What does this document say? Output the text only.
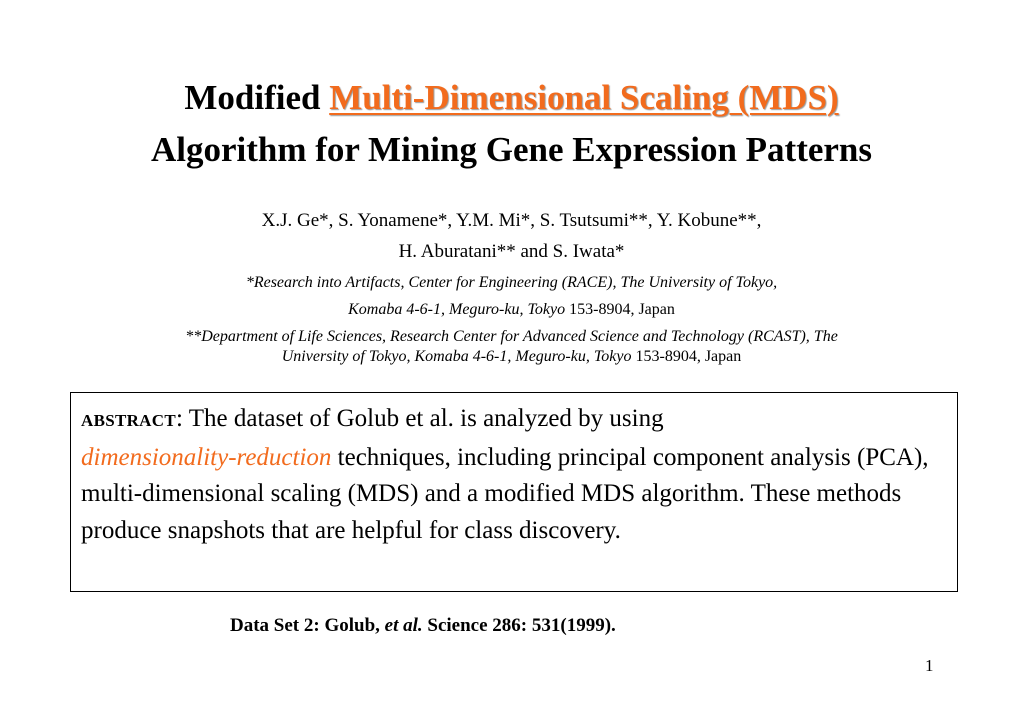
Modified Multi-Dimensional Scaling (MDS)
Algorithm for Mining Gene Expression Patterns
X.J. Ge*, S. Yonamene*, Y.M. Mi*, S. Tsutsumi**, Y. Kobune**,
H. Aburatani** and S. Iwata*
*Research into Artifacts, Center for Engineering (RACE), The University of Tokyo,
Komaba 4-6-1, Meguro-ku, Tokyo 153-8904, Japan
**Department of Life Sciences, Research Center for Advanced Science and Technology (RCAST), The
University of Tokyo, Komaba 4-6-1, Meguro-ku, Tokyo 153-8904, Japan
ABSTRACT: The dataset of Golub et al. is analyzed by using
dimensionality-reduction techniques, including principal component analysis (PCA), multi-dimensional scaling (MDS) and a modified MDS algorithm. These methods produce snapshots that are helpful for class discovery.
Data Set 2: Golub, et al. Science 286: 531(1999).
1
